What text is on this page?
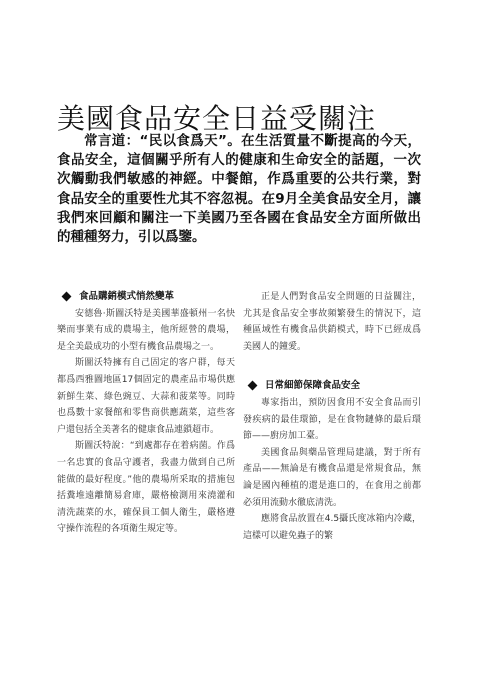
美國食品安全日益受關注

常言道：“民以食爲天”。在生活質量不斷提高的今天，食品安全，這個關乎所有人的健康和生命安全的話題，一次次觸動我們敏感的神經。中餐館，作爲重要的公共行業，對食品安全的重要性尤其不容忽視。在9月全美食品安全月，讓我們來回顧和關注一下美國乃至各國在食品安全方面所做出的種種努力，引以爲鑒。

食品購銷模式悄然變革

安德魯·斯圖沃特是美國華盛頓州一名快樂而事業有成的農場主，他所經營的農場，是全美最成功的小型有機食品農場之一。

斯圖沃特擁有自己固定的客户群，每天都爲西雅圖地區17個固定的農產品市場供應新鮮生菜、綠色豌豆、大蒜和菠菜等。同時也爲數十家餐館和零售商供應蔬菜，這些客户還包括全美著名的健康食品連鎖超市。

斯圖沃特說：“到處都存在着病菌。作爲一名忠實的食品守護者，我盡力做到自己所能做的最好程度。”他的農場所采取的措施包括糞堆遠離簡易倉庫，嚴格檢測用來澆灌和清洗蔬菜的水，確保員工個人衛生，嚴格遵守操作流程的各項衛生規定等。

正是人們對食品安全問題的日益關注，尤其是食品安全事故頻繁發生的情況下，這種區域性有機食品供銷模式，時下已經成爲美國人的鐘愛。

日常細節保障食品安全

專家指出，預防因食用不安全食品而引發疾病的最佳環節，是在食物鏈條的最后環節——廚房加工臺。

美國食品與藥品管理局建議，對于所有產品——無論是有機食品還是常規食品，無論是國內種植的還是進口的，在食用之前都必須用流動水徹底清洗。

應將食品放置在4.5攝氏度冰箱内冷藏，這樣可以避免蟲子的繁
